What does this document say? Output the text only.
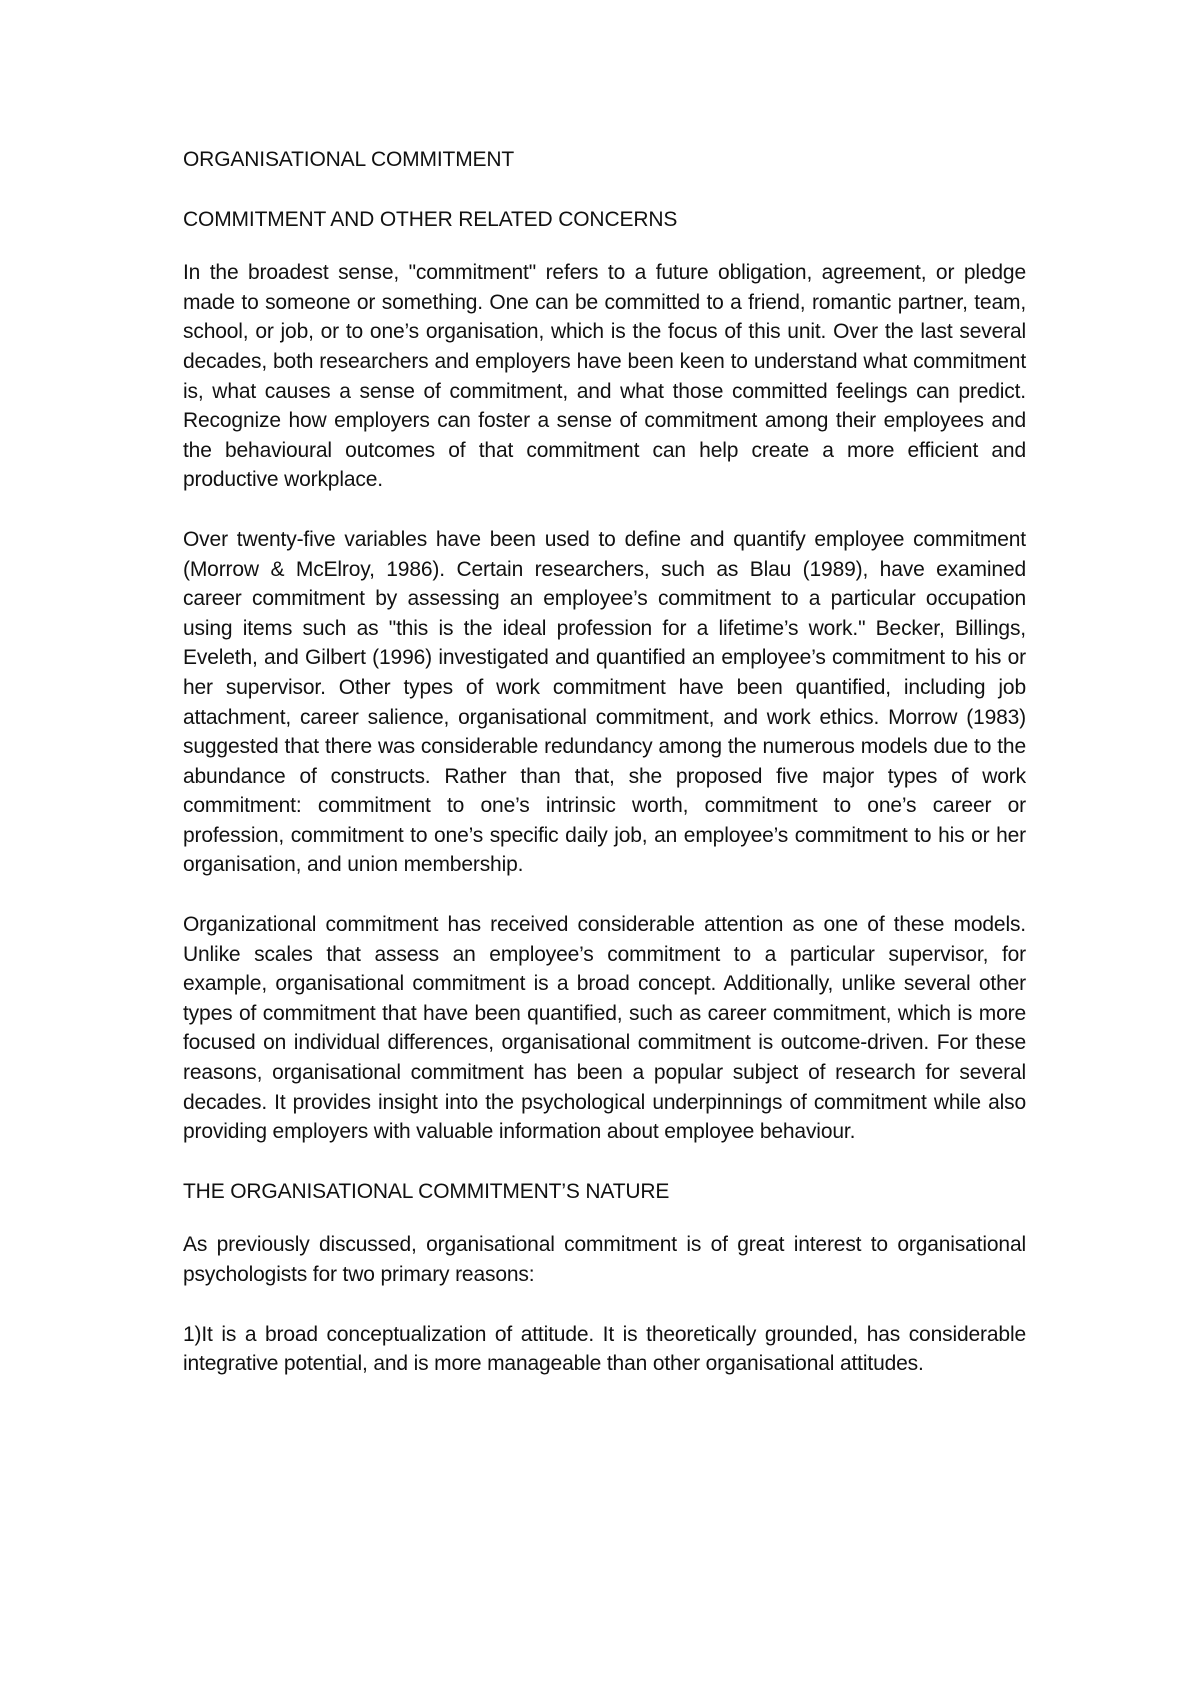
ORGANISATIONAL COMMITMENT
COMMITMENT AND OTHER RELATED CONCERNS

In the broadest sense, "commitment" refers to a future obligation, agreement, or pledge made to someone or something. One can be committed to a friend, romantic partner, team, school, or job, or to one’s organisation, which is the focus of this unit. Over the last several decades, both researchers and employers have been keen to understand what commitment is, what causes a sense of commitment, and what those committed feelings can predict. Recognize how employers can foster a sense of commitment among their employees and the behavioural outcomes of that commitment can help create a more efficient and productive workplace.

Over twenty-five variables have been used to define and quantify employee commitment (Morrow & McElroy, 1986). Certain researchers, such as Blau (1989), have examined career commitment by assessing an employee’s commitment to a particular occupation using items such as "this is the ideal profession for a lifetime’s work." Becker, Billings, Eveleth, and Gilbert (1996) investigated and quantified an employee’s commitment to his or her supervisor. Other types of work commitment have been quantified, including job attachment, career salience, organisational commitment, and work ethics. Morrow (1983) suggested that there was considerable redundancy among the numerous models due to the abundance of constructs. Rather than that, she proposed five major types of work commitment: commitment to one’s intrinsic worth, commitment to one’s career or profession, commitment to one’s specific daily job, an employee’s commitment to his or her organisation, and union membership.

Organizational commitment has received considerable attention as one of these models. Unlike scales that assess an employee’s commitment to a particular supervisor, for example, organisational commitment is a broad concept. Additionally, unlike several other types of commitment that have been quantified, such as career commitment, which is more focused on individual differences, organisational commitment is outcome-driven. For these reasons, organisational commitment has been a popular subject of research for several decades. It provides insight into the psychological underpinnings of commitment while also providing employers with valuable information about employee behaviour.

THE ORGANISATIONAL COMMITMENT’S NATURE

As previously discussed, organisational commitment is of great interest to organisational psychologists for two primary reasons:

1)It is a broad conceptualization of attitude. It is theoretically grounded, has considerable integrative potential, and is more manageable than other organisational attitudes.
